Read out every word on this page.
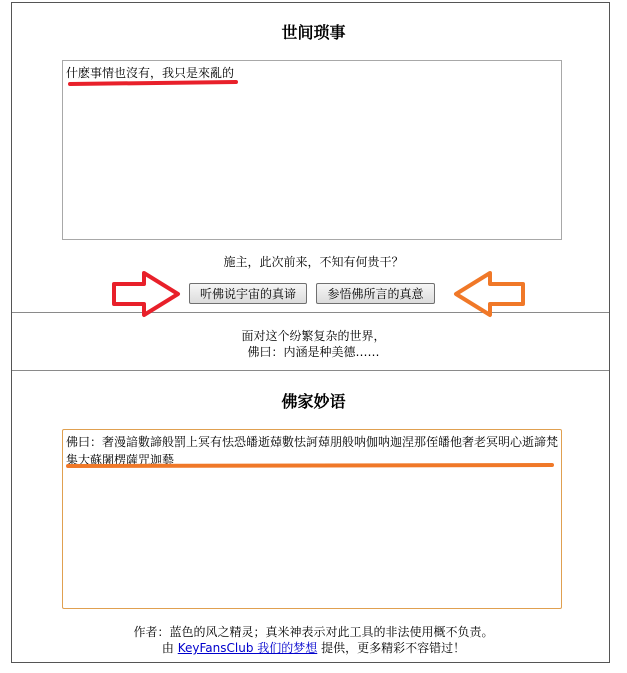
世间琐事
什麽事情也沒有，我只是來亂的
施主，此次前来，不知有何贵干？
听佛说宇宙的真谛	参悟佛所言的真意
面对这个纷繁复杂的世界，
佛曰：内涵是种美德……
佛家妙语
佛曰：奢漫諳數諦般罰上冥有怯恐皤逝𦻐數怯訶𦻐朋般呐伽呐迦涅那侄皤他奢老冥明心逝諦梵集大蘇闍楞薩咒迦藝
作者：蓝色的风之精灵；真米神表示对此工具的非法使用概不负责。
由 KeyFansClub 我们的梦想 提供，更多精彩不容错过！
